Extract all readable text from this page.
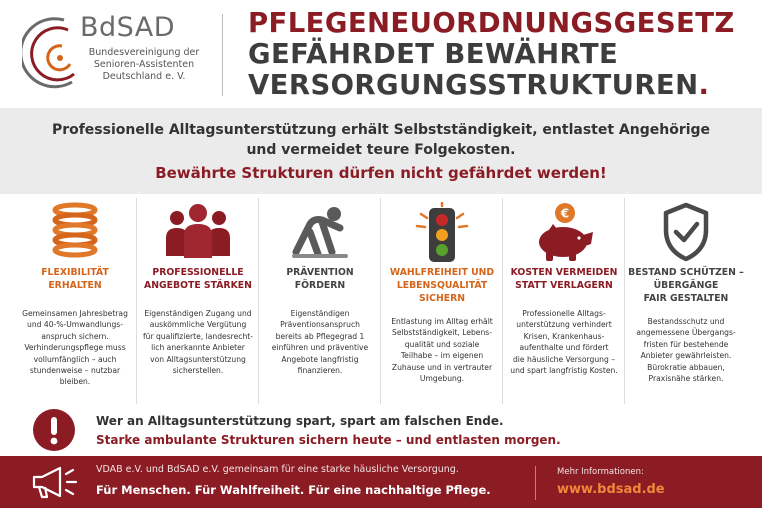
BdSAD
Bundesvereinigung der
Senioren-Assistenten
Deutschland e. V.
PFLEGENEUORDNUNGSGESETZ
GEFÄHRDET BEWÄHRTE
VERSORGUNGSSTRUKTUREN.
Professionelle Alltagsunterstützung erhält Selbstständigkeit, entlastet Angehörige
und vermeidet teure Folgekosten.
Bewährte Strukturen dürfen nicht gefährdet werden!
FLEXIBILITÄT
ERHALTEN
Gemeinsamen Jahresbetrag
und 40-%-Umwandlungs-
anspruch sichern.
Verhinderungspflege muss
vollumfänglich – auch
stundenweise – nutzbar
bleiben.
PROFESSIONELLE
ANGEBOTE STÄRKEN
Eigenständigen Zugang und
auskömmliche Vergütung
für qualifizierte, landesrecht-
lich anerkannte Anbieter
von Alltagsunterstützung
sicherstellen.
PRÄVENTION
FÖRDERN
Eigenständigen
Präventionsanspruch
bereits ab Pflegegrad 1
einführen und präventive
Angebote langfristig
finanzieren.
WAHLFREIHEIT UND
LEBENSQUALITÄT
SICHERN
Entlastung im Alltag erhält
Selbstständigkeit, Lebens-
qualität und soziale
Teilhabe – im eigenen
Zuhause und in vertrauter
Umgebung.
€
KOSTEN VERMEIDEN
STATT VERLAGERN
Professionelle Alltags-
unterstützung verhindert
Krisen, Krankenhaus-
aufenthalte und fördert
die häusliche Versorgung –
und spart langfristig Kosten.
BESTAND SCHÜTZEN –
ÜBERGÄNGE
FAIR GESTALTEN
Bestandsschutz und
angemessene Übergangs-
fristen für bestehende
Anbieter gewährleisten.
Bürokratie abbauen,
Praxisnähe stärken.
Wer an Alltagsunterstützung spart, spart am falschen Ende.
Starke ambulante Strukturen sichern heute – und entlasten morgen.
VDAB e.V. und BdSAD e.V. gemeinsam für eine starke häusliche Versorgung.
Für Menschen. Für Wahlfreiheit. Für eine nachhaltige Pflege.
Mehr Informationen:
www.bdsad.de
